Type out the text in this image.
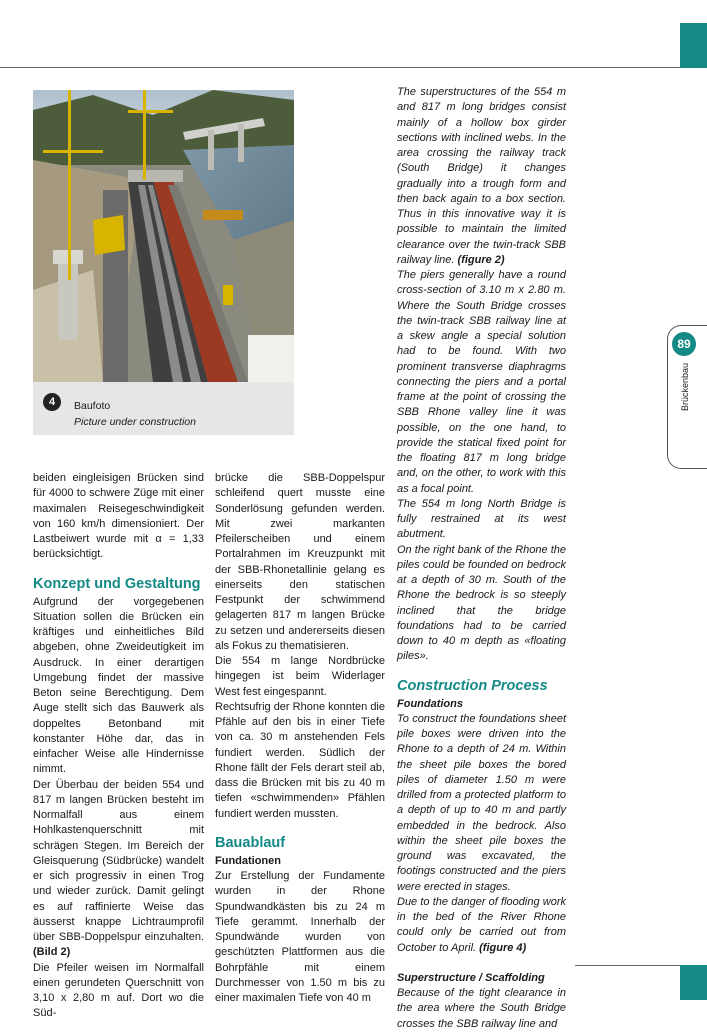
89
Brückenbau
4	Baufoto
Picture under construction

beiden eingleisigen Brücken sind für 4000 to schwere Züge mit einer maximalen Reisegeschwindigkeit von 160 km/h dimensioniert. Der Lastbeiwert wurde mit α = 1,33 berücksichtigt.

Konzept und Gestaltung

Aufgrund der vorgegebenen Situation sollen die Brücken ein kräftiges und einheitliches Bild abgeben, ohne Zweideutigkeit im Ausdruck. In einer derartigen Umgebung findet der massive Beton seine Berechtigung. Dem Auge stellt sich das Bauwerk als doppeltes Betonband mit konstanter Höhe dar, das in einfacher Weise alle Hindernisse nimmt.

Der Überbau der beiden 554 und 817 m langen Brücken besteht im Normalfall aus einem Hohlkastenquerschnitt mit schrägen Stegen. Im Bereich der Gleisquerung (Südbrücke) wandelt er sich progressiv in einen Trog und wieder zurück. Damit gelingt es auf raffinierte Weise das äusserst knappe Lichtraumprofil über SBB-Doppelspur einzuhalten. (Bild 2)

Die Pfeiler weisen im Normalfall einen gerundeten Querschnitt von 3,10 x 2,80 m auf. Dort wo die Süd-

brücke die SBB-Doppelspur schleifend quert musste eine Sonderlösung gefunden werden. Mit zwei markanten Pfeilerscheiben und einem Portalrahmen im Kreuzpunkt mit der SBB-Rhonetallinie gelang es einerseits den statischen Festpunkt der schwimmend gelagerten 817 m langen Brücke zu setzen und andererseits diesen als Fokus zu thematisieren.

Die 554 m lange Nordbrücke hingegen ist beim Widerlager West fest eingespannt.

Rechtsufrig der Rhone konnten die Pfähle auf den bis in einer Tiefe von ca. 30 m anstehenden Fels fundiert werden. Südlich der Rhone fällt der Fels derart steil ab, dass die Brücken mit bis zu 40 m tiefen «schwimmenden» Pfählen fundiert werden mussten.

Bauablauf

Fundationen

Zur Erstellung der Fundamente wurden in der Rhone Spundwandkästen bis zu 24 m Tiefe gerammt. Innerhalb der Spundwände wurden von geschützten Plattformen aus die Bohrpfähle mit einem Durchmesser von 1.50 m bis zu einer maximalen Tiefe von 40 m

The superstructures of the 554 m and 817 m long bridges consist mainly of a hollow box girder sections with inclined webs. In the area crossing the railway track (South Bridge) it changes gradually into a trough form and then back again to a box section. Thus in this innovative way it is possible to maintain the limited clearance over the twin-track SBB railway line. (figure 2)

The piers generally have a round cross-section of 3.10 m x 2.80 m. Where the South Bridge crosses the twin-track SBB railway line at a skew angle a special solution had to be found. With two prominent transverse diaphragms connecting the piers and a portal frame at the point of crossing the SBB Rhone valley line it was possible, on the one hand, to provide the statical fixed point for the floating 817 m long bridge and, on the other, to work with this as a focal point.

The 554 m long North Bridge is fully restrained at its west abutment.

On the right bank of the Rhone the piles could be founded on bedrock at a depth of 30 m. South of the Rhone the bedrock is so steeply inclined that the bridge foundations had to be carried down to 40 m depth as «floating piles».

Construction Process

Foundations

To construct the foundations sheet pile boxes were driven into the Rhone to a depth of 24 m. Within the sheet pile boxes the bored piles of diameter 1.50 m were drilled from a protected platform to a depth of up to 40 m and partly embedded in the bedrock. Also within the sheet pile boxes the ground was excavated, the footings constructed and the piers were erected in stages.

Due to the danger of flooding work in the bed of the River Rhone could only be carried out from October to April. (figure 4)

Superstructure / Scaffolding

Because of the tight clearance in the area where the South Bridge crosses the SBB railway line and
